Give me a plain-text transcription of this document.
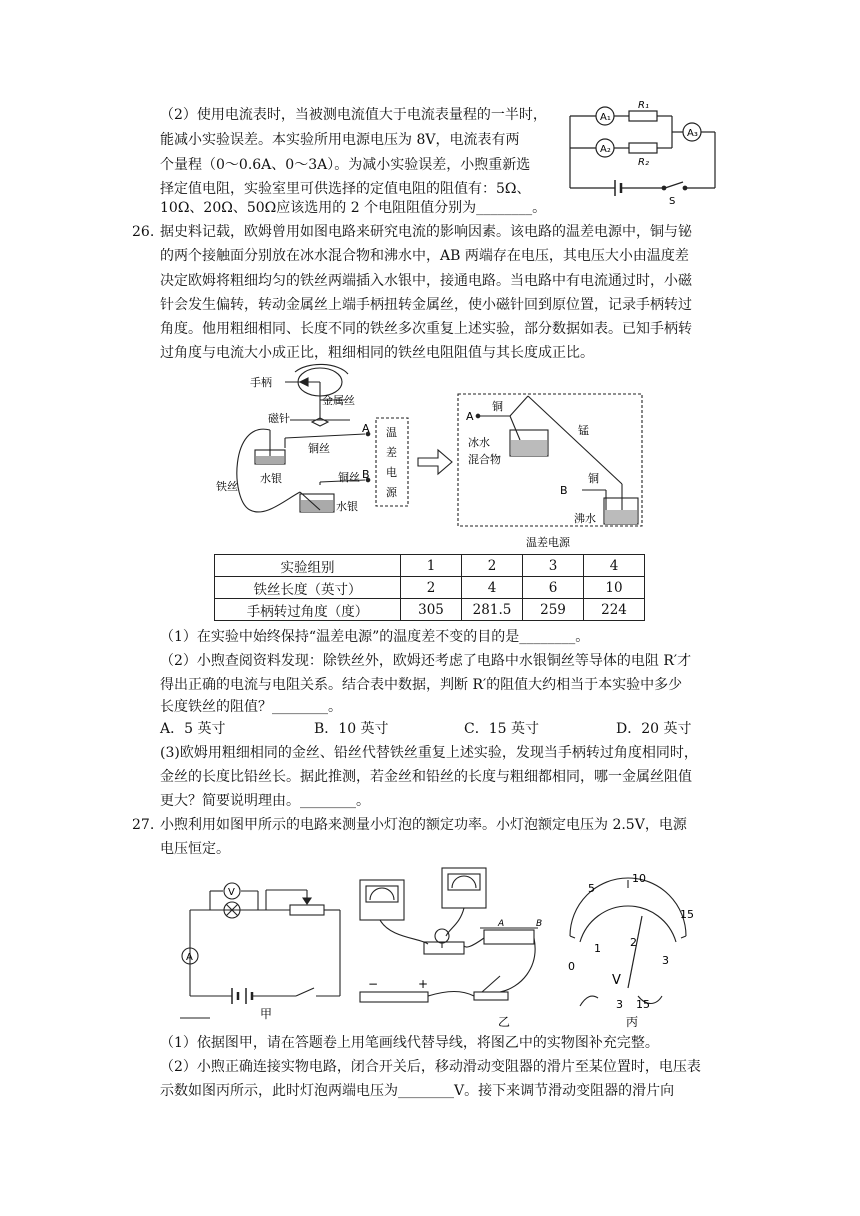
（2）使用电流表时，当被测电流值大于电流表量程的一半时，
能减小实验误差。本实验所用电源电压为 8V，电流表有两
个量程（0～0.6A、0～3A）。为减小实验误差，小煦重新选
择定值电阻，实验室里可供选择的定值电阻的阻值有：5Ω、
10Ω、20Ω、50Ω应该选用的 2 个电阻阻值分别为________。
A₁
A₂
A₃
R₁
R₂
S
26. 据史料记载，欧姆曾用如图电路来研究电流的影响因素。该电路的温差电源中，铜与铋
的两个接触面分别放在冰水混合物和沸水中，AB 两端存在电压，其电压大小由温度差
决定欧姆将粗细均匀的铁丝两端插入水银中，接通电路。当电路中有电流通过时，小磁
针会发生偏转，转动金属丝上端手柄扭转金属丝，使小磁针回到原位置，记录手柄转过
角度。他用粗细相同、长度不同的铁丝多次重复上述实验，部分数据如表。已知手柄转
过角度与电流大小成正比，粗细相同的铁丝电阻阻值与其长度成正比。
手柄
金属丝
磁针
铜丝
铜丝
水银
水银
铁丝
A
B
温
差
电
源
A
B
铜
铜
锰
冰水
混合物
沸水
温差电源
实验组别	1	2	3	4
铁丝长度（英寸）	2	4	6	10
手柄转过角度（度）	305	281.5	259	224
（1）在实验中始终保持“温差电源”的温度差不变的目的是________。
（2）小煦查阅资料发现：除铁丝外，欧姆还考虑了电路中水银铜丝等导体的电阻 R′才
得出正确的电流与电阻关系。结合表中数据，判断 R′的阻值大约相当于本实验中多少
长度铁丝的阻值？________。
A．5 英寸	B．10 英寸	C．15 英寸	D．20 英寸
(3)欧姆用粗细相同的金丝、铅丝代替铁丝重复上述实验，发现当手柄转过角度相同时，
金丝的长度比铅丝长。据此推测，若金丝和铅丝的长度与粗细都相同，哪一金属丝阻值
更大？简要说明理由。________。
27. 小煦利用如图甲所示的电路来测量小灯泡的额定功率。小灯泡额定电压为 2.5V，电源
电压恒定。
V
A
甲
乙	丙
5
10
15
0
1	2
3
V
3 15
A	B
−	+
（1）依据图甲，请在答题卷上用笔画线代替导线，将图乙中的实物图补充完整。
（2）小煦正确连接实物电路，闭合开关后，移动滑动变阻器的滑片至某位置时，电压表
示数如图丙所示，此时灯泡两端电压为________V。接下来调节滑动变阻器的滑片向
